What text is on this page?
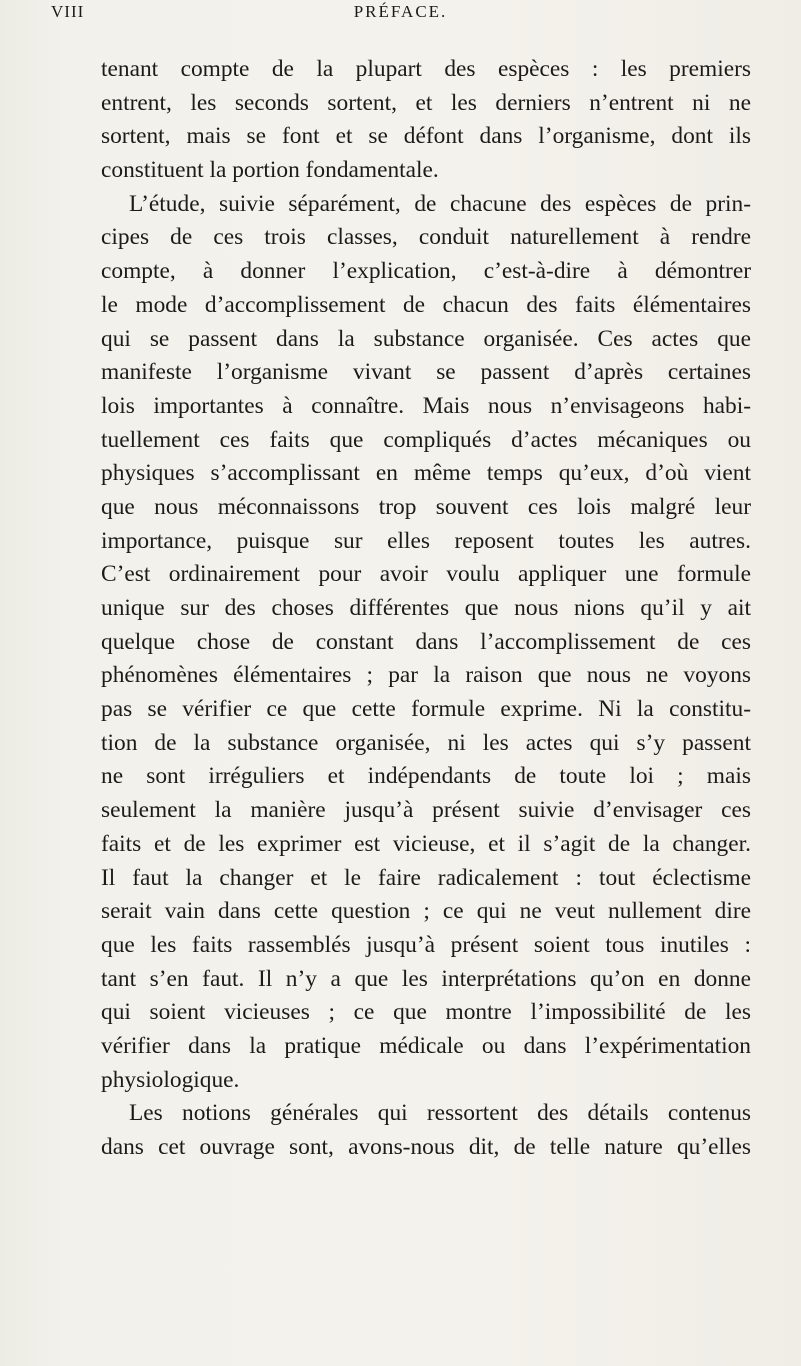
VIII	PRÉFACE.
tenant compte de la plupart des espèces : les premiers
entrent, les seconds sortent, et les derniers n’entrent ni ne
sortent, mais se font et se défont dans l’organisme, dont ils
constituent la portion fondamentale.
L’étude, suivie séparément, de chacune des espèces de prin-
cipes de ces trois classes, conduit naturellement à rendre
compte, à donner l’explication, c’est-à-dire à démontrer
le mode d’accomplissement de chacun des faits élémentaires
qui se passent dans la substance organisée. Ces actes que
manifeste l’organisme vivant se passent d’après certaines
lois importantes à connaître. Mais nous n’envisageons habi-
tuellement ces faits que compliqués d’actes mécaniques ou
physiques s’accomplissant en même temps qu’eux, d’où vient
que nous méconnaissons trop souvent ces lois malgré leur
importance, puisque sur elles reposent toutes les autres.
C’est ordinairement pour avoir voulu appliquer une formule
unique sur des choses différentes que nous nions qu’il y ait
quelque chose de constant dans l’accomplissement de ces
phénomènes élémentaires ; par la raison que nous ne voyons
pas se vérifier ce que cette formule exprime. Ni la constitu-
tion de la substance organisée, ni les actes qui s’y passent
ne sont irréguliers et indépendants de toute loi ; mais
seulement la manière jusqu’à présent suivie d’envisager ces
faits et de les exprimer est vicieuse, et il s’agit de la changer.
Il faut la changer et le faire radicalement : tout éclectisme
serait vain dans cette question ; ce qui ne veut nullement dire
que les faits rassemblés jusqu’à présent soient tous inutiles :
tant s’en faut. Il n’y a que les interprétations qu’on en donne
qui soient vicieuses ; ce que montre l’impossibilité de les
vérifier dans la pratique médicale ou dans l’expérimentation
physiologique.
Les notions générales qui ressortent des détails contenus
dans cet ouvrage sont, avons-nous dit, de telle nature qu’elles
